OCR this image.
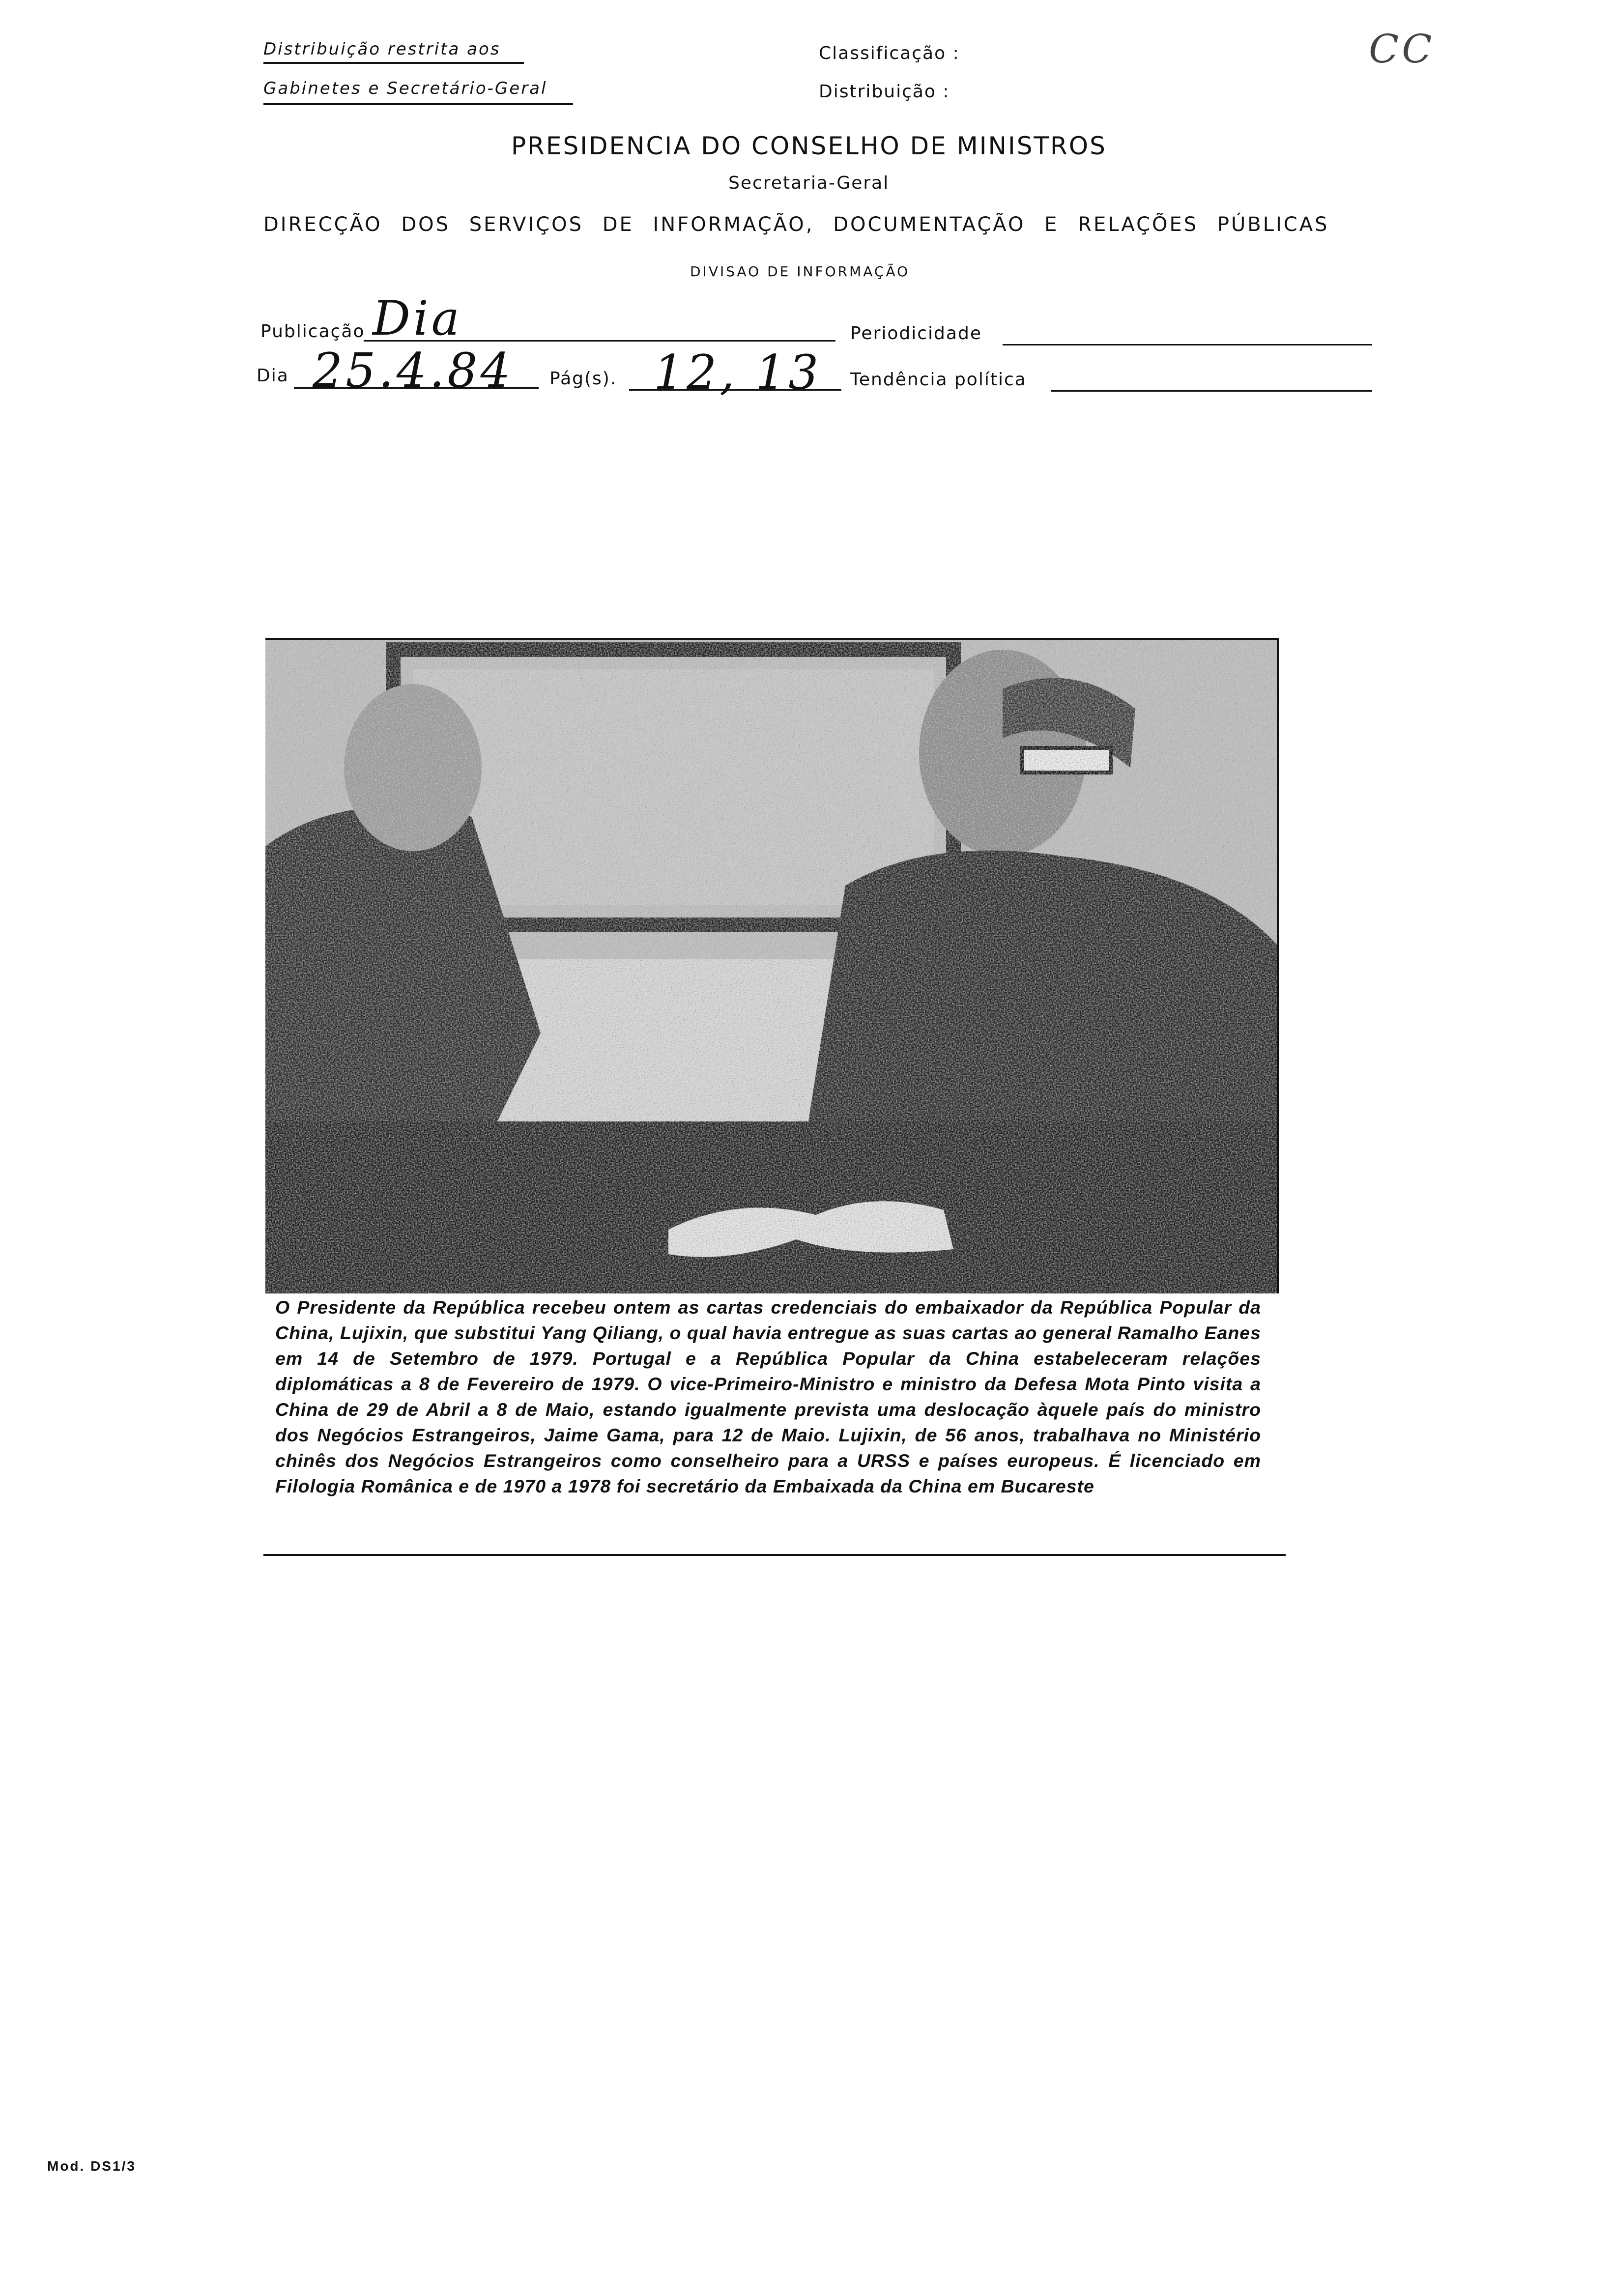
Distribuição restrita aos
Gabinetes e Secretário-Geral
Classificação :
Distribuição :
CC
PRESIDENCIA DO CONSELHO DE MINISTROS
Secretaria-Geral
DIRECÇÃO DOS SERVIÇOS DE INFORMAÇÃO, DOCUMENTAÇÃO E RELAÇÕES PÚBLICAS
DIVISAO DE INFORMAÇÃO
Publicação Dia	Periodicidade
Dia 25.4.84 Pág(s). 12, 13 Tendência política
O Presidente da República recebeu ontem as cartas credenciais do embaixador da República Popular da China, Lujixin, que substitui Yang Qiliang, o qual havia entregue as suas cartas ao general Ramalho Eanes em 14 de Setembro de 1979. Portugal e a República Popular da China estabeleceram relações diplomáticas a 8 de Fevereiro de 1979. O vice-Primeiro-Ministro e ministro da Defesa Mota Pinto visita a China de 29 de Abril a 8 de Maio, estando igualmente prevista uma deslocação àquele país do ministro dos Negócios Estrangeiros, Jaime Gama, para 12 de Maio. Lujixin, de 56 anos, trabalhava no Ministério chinês dos Negócios Estrangeiros como conselheiro para a URSS e países europeus. É licenciado em Filologia Românica e de 1970 a 1978 foi secretário da Embaixada da China em Bucareste
Mod. DS1/3
